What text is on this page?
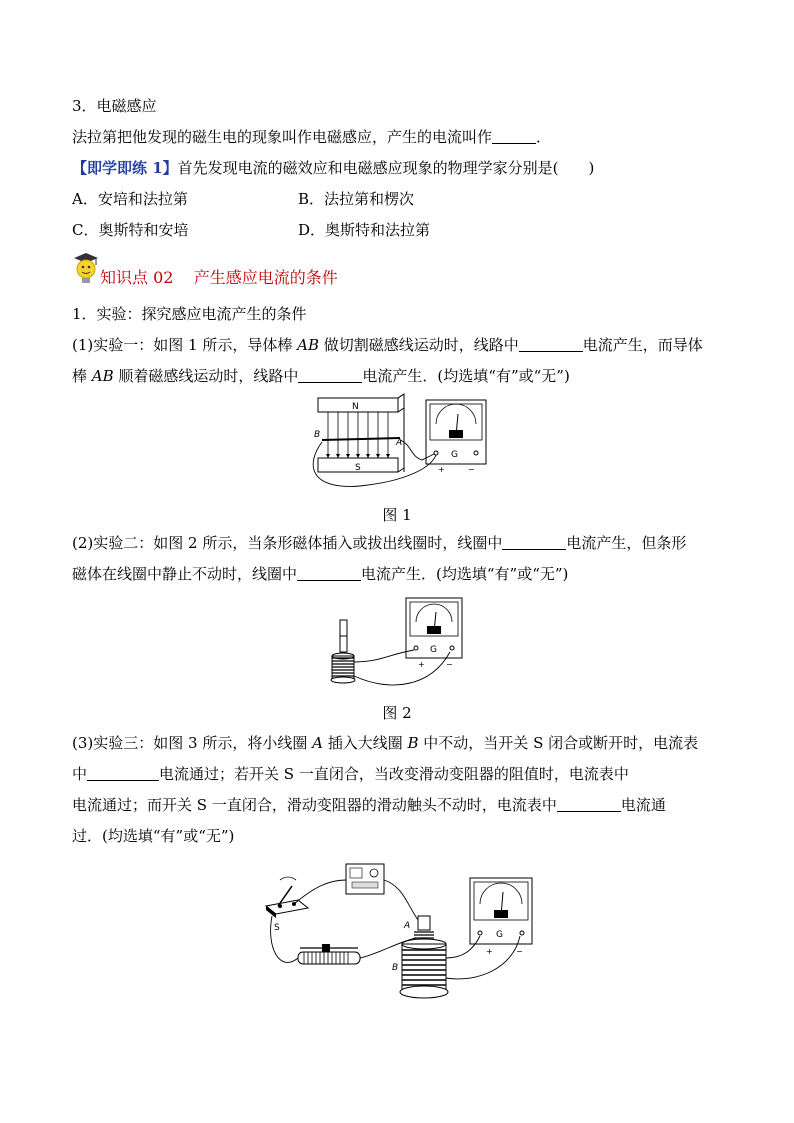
3．电磁感应
法拉第把他发现的磁生电的现象叫作电磁感应，产生的电流叫作	．
【即学即练 1】首先发现电流的磁效应和电磁感应现象的物理学家分别是(　　)
A．安培和法拉第	B．法拉第和楞次
C．奥斯特和安培	D．奥斯特和法拉第
知识点 02 产生感应电流的条件
1．实验：探究感应电流产生的条件
(1)实验一：如图 1 所示，导体棒 AB 做切割磁感线运动时，线路中	电流产生，而导体
棒 AB 顺着磁感线运动时，线路中	电流产生．(均选填“有”或“无”)
N
S
B
A
G
+	−
图 1
(2)实验二：如图 2 所示，当条形磁体插入或拔出线圈时，线圈中	电流产生，但条形
磁体在线圈中静止不动时，线圈中	电流产生．(均选填“有”或“无”)
G
+	−
图 2
(3)实验三：如图 3 所示，将小线圈 A 插入大线圈 B 中不动，当开关 S 闭合或断开时，电流表
中	电流通过；若开关 S 一直闭合，当改变滑动变阻器的阻值时，电流表中
电流通过；而开关 S 一直闭合，滑动变阻器的滑动触头不动时，电流表中	电流通
过．(均选填“有”或“无”)
S	A
B
G
+	−
